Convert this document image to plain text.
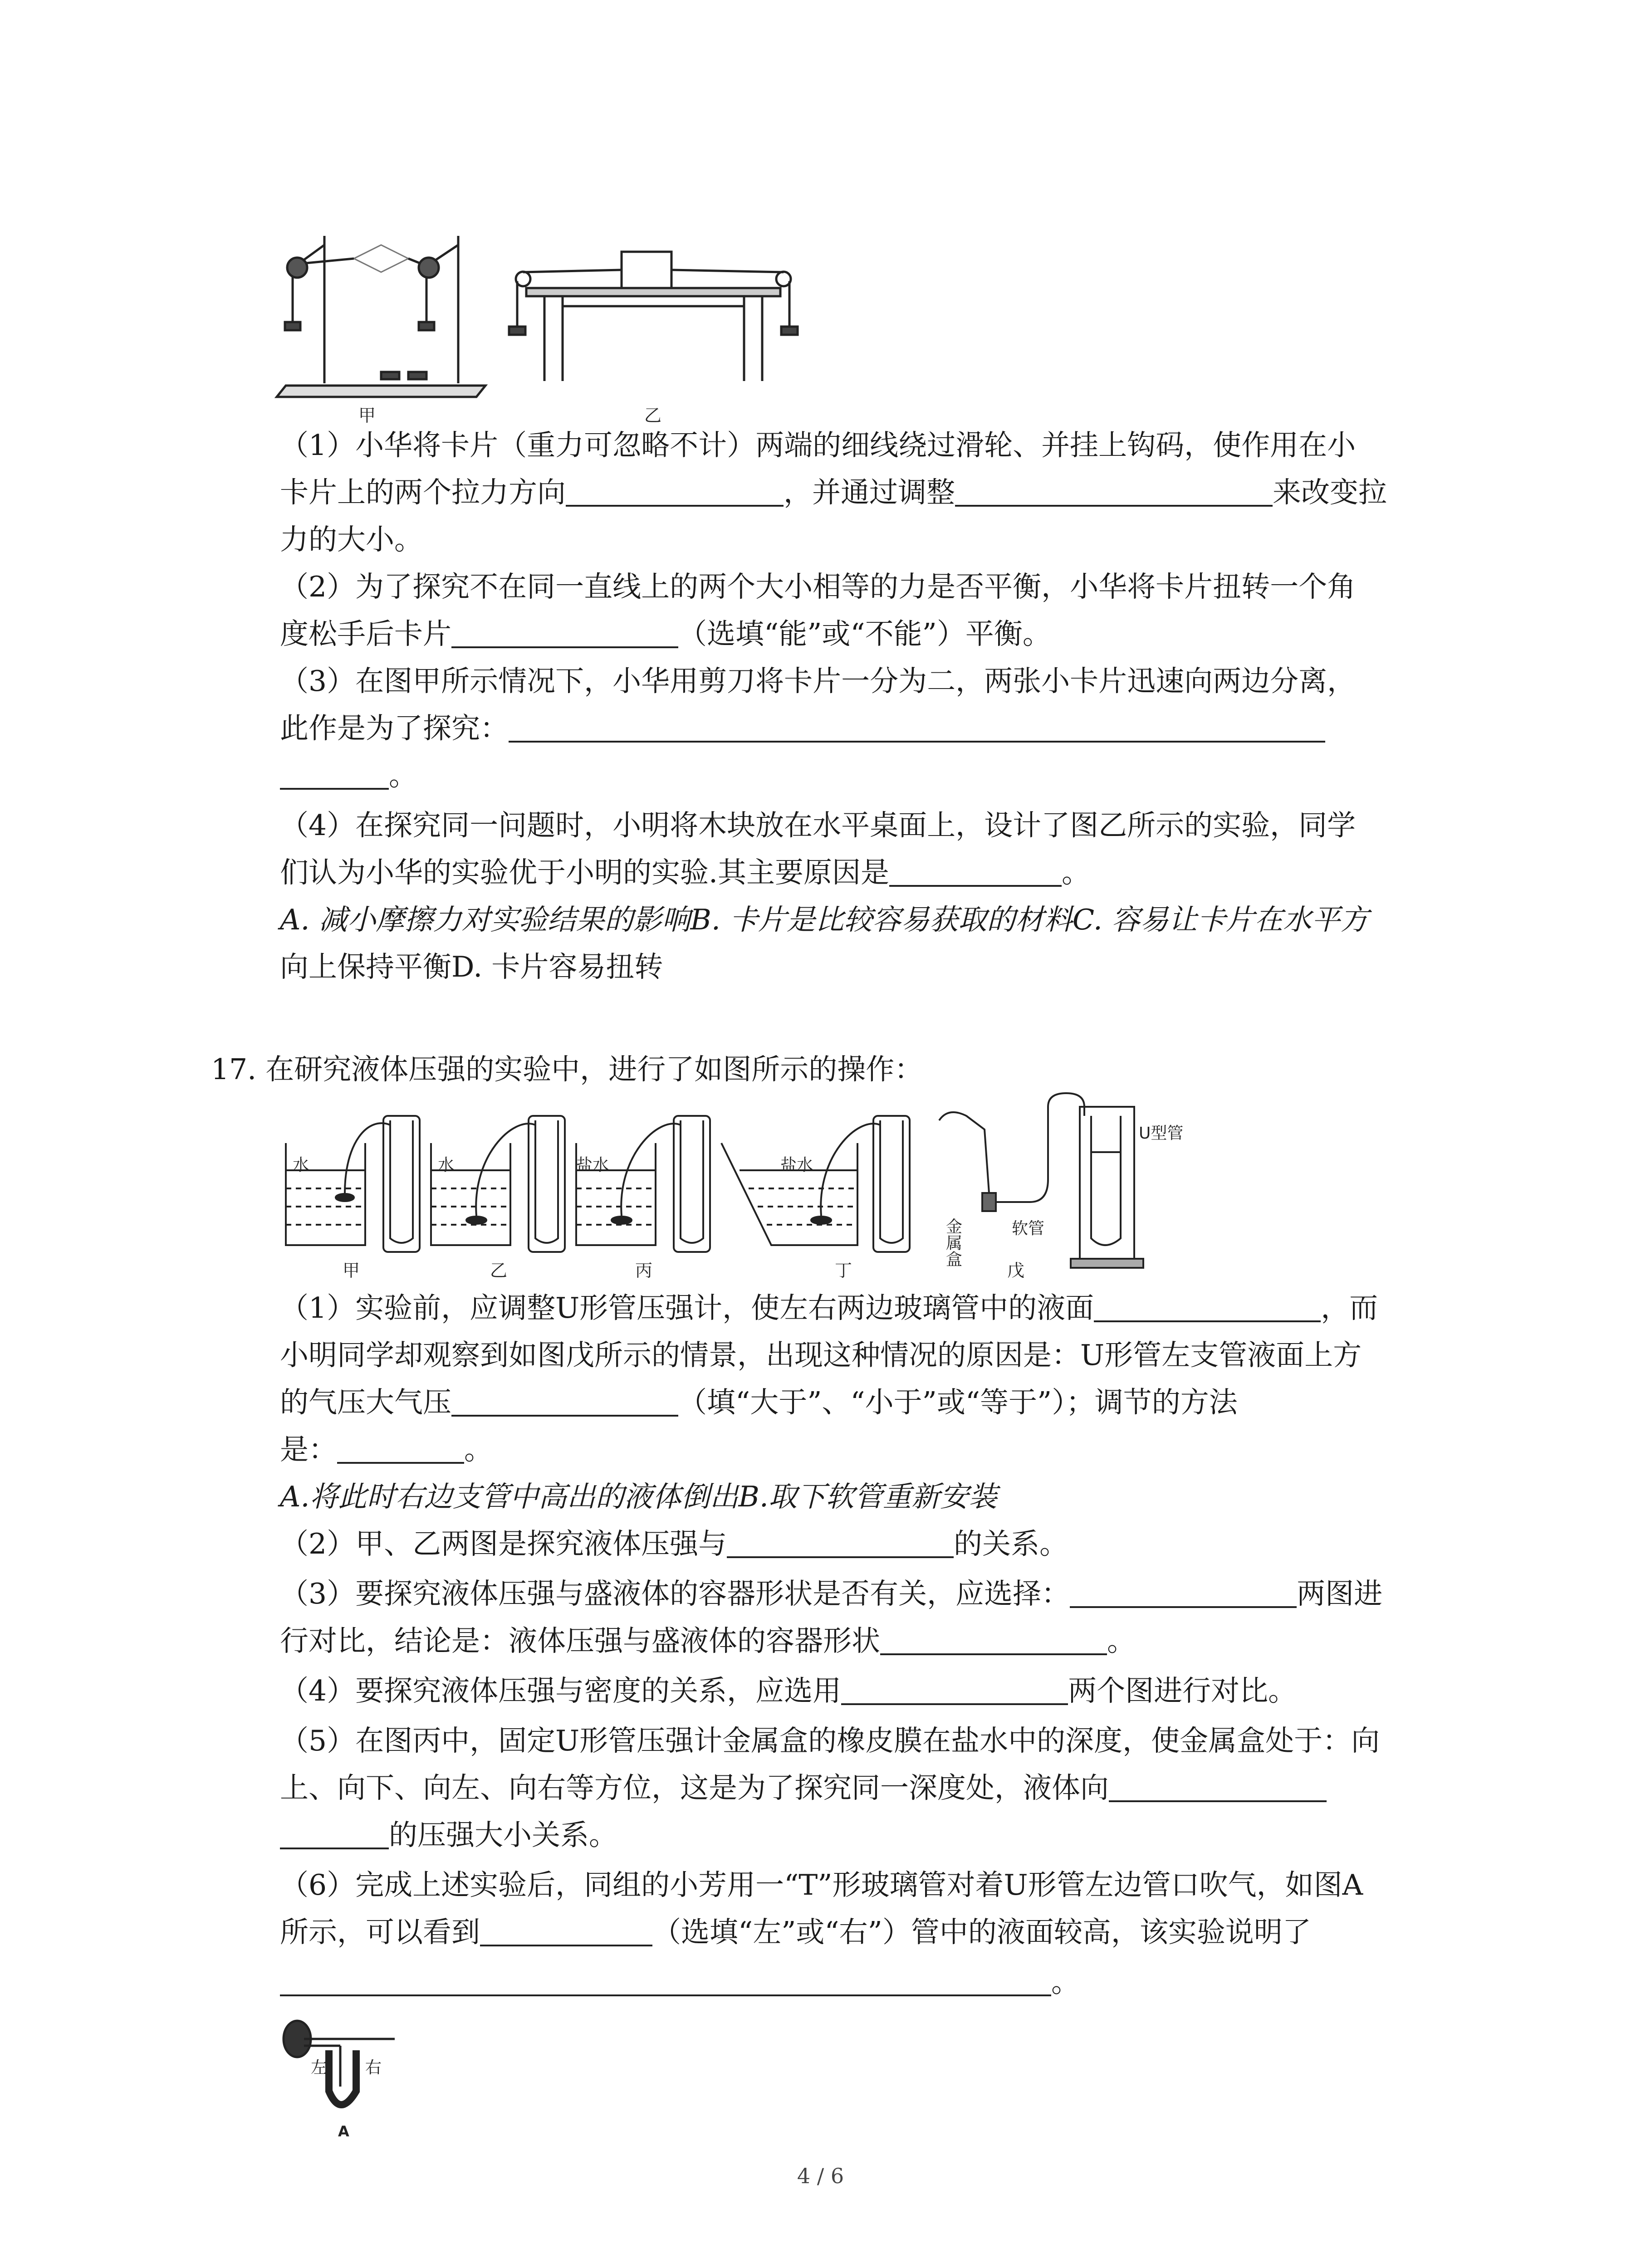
甲	乙
（1）小华将卡片（重力可忽略不计）两端的细线绕过滑轮、并挂上钩码，使作用在小
卡片上的两个拉力方向	，并通过调整	来改变拉
力的大小。
（2）为了探究不在同一直线上的两个大小相等的力是否平衡，小华将卡片扭转一个角
度松手后卡片	（选填“能”或“不能”）平衡。
（3）在图甲所示情况下，小华用剪刀将卡片一分为二，两张小卡片迅速向两边分离，
此作是为了探究：
。
（4）在探究同一问题时，小明将木块放在水平桌面上，设计了图乙所示的实验，同学
们认为小华的实验优于小明的实验.其主要原因是	。
A. 减小摩擦力对实验结果的影响B. 卡片是比较容易获取的材料C. 容易让卡片在水平方
向上保持平衡D. 卡片容易扭转
17. 在研究液体压强的实验中，进行了如图所示的操作：
水	水	盐水	盐水
U型管
金属盒	软管
甲	乙	丙	丁	戊
（1）实验前，应调整U形管压强计，使左右两边玻璃管中的液面	，而
小明同学却观察到如图戊所示的情景，出现这种情况的原因是：U形管左支管液面上方
的气压大气压	（填“大于”、“小于”或“等于”）；调节的方法
是：	。
A.将此时右边支管中高出的液体倒出B.取下软管重新安装
（2）甲、乙两图是探究液体压强与	的关系。
（3）要探究液体压强与盛液体的容器形状是否有关，应选择：	两图进
行对比，结论是：液体压强与盛液体的容器形状	。
（4）要探究液体压强与密度的关系，应选用	两个图进行对比。
（5）在图丙中，固定U形管压强计金属盒的橡皮膜在盐水中的深度，使金属盒处于：向
上、向下、向左、向右等方位，这是为了探究同一深度处，液体向
的压强大小关系。
（6）完成上述实验后，同组的小芳用一“T”形玻璃管对着U形管左边管口吹气，如图A
所示，可以看到	（选填“左”或“右”）管中的液面较高，该实验说明了
。
左 右
A
4 / 6
